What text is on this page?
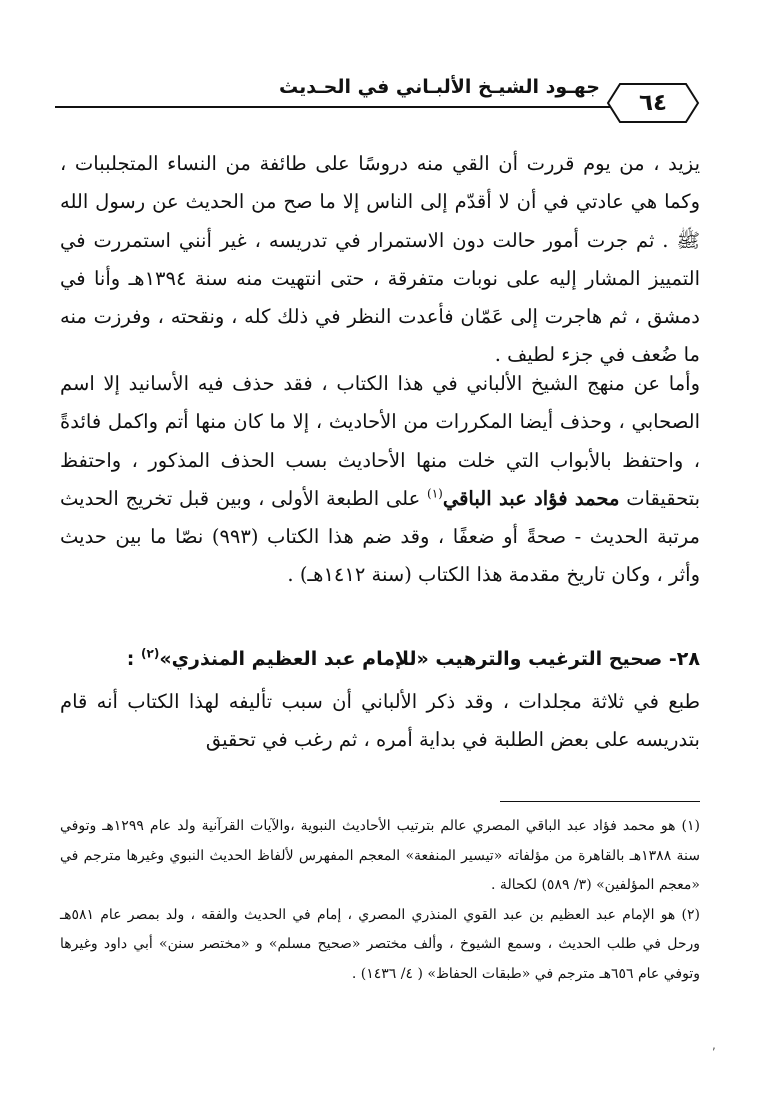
جهـود الشيـخ الألبـاني في الحـديث
٦٤
يزيد ، من يوم قررت أن القي منه دروسًا على طائفة من النساء المتجلببات ، وكما هي عادتي في أن لا أقدّم إلى الناس إلا ما صح من الحديث عن رسول الله ﷺ . ثم جرت أمور حالت دون الاستمرار في تدريسه ، غير أنني استمررت في التمييز المشار إليه على نوبات متفرقة ، حتى انتهيت منه سنة ١٣٩٤هـ وأنا في دمشق ، ثم هاجرت إلى عَمّان فأعدت النظر في ذلك كله ، ونقحته ، وفرزت منه ما ضُعف في جزء لطيف .
وأما عن منهج الشيخ الألباني في هذا الكتاب ، فقد حذف فيه الأسانيد إلا اسم الصحابي ، وحذف أيضا المكررات من الأحاديث ، إلا ما كان منها أتم واكمل فائدةً ، واحتفظ بالأبواب التي خلت منها الأحاديث بسب الحذف المذكور ، واحتفظ بتحقيقات محمد فؤاد عبد الباقي$^{(١)}$ على الطبعة الأولى ، وبين قبل تخريج الحديث مرتبة الحديث - صحةً أو ضعفًا ، وقد ضم هذا الكتاب (٩٩٣) نصّا ما بين حديث وأثر ، وكان تاريخ مقدمة هذا الكتاب (سنة ١٤١٢هـ) .
٢٨- صحيح الترغيب والترهيب «للإمام عبد العظيم المنذري»$^{(٢)}$ :
طبع في ثلاثة مجلدات ، وقد ذكر الألباني أن سبب تأليفه لهذا الكتاب أنه قام بتدريسه على بعض الطلبة في بداية أمره ، ثم رغب في تحقيق

(١) هو محمد فؤاد عبد الباقي المصري عالم بترتيب الأحاديث النبوية ،والآيات القرآنية ولد عام ١٢٩٩هـ وتوفي سنة ١٣٨٨هـ بالقاهرة من مؤلفاته «تيسير المنفعة» المعجم المفهرس لألفاظ الحديث النبوي وغيرها مترجم في «معجم المؤلفين» (٣/ ٥٨٩) لكحالة .

(٢) هو الإمام عبد العظيم بن عبد القوي المنذري المصري ، إمام في الحديث والفقه ، ولد بمصر عام ٥٨١هـ ورحل في طلب الحديث ، وسمع الشيوخ ، وألف مختصر «صحيح مسلم» و «مختصر سنن» أبي داود وغيرها وتوفي عام ٦٥٦هـ مترجم في «طبقات الحفاظ» ( ٤/ ١٤٣٦) .

,
